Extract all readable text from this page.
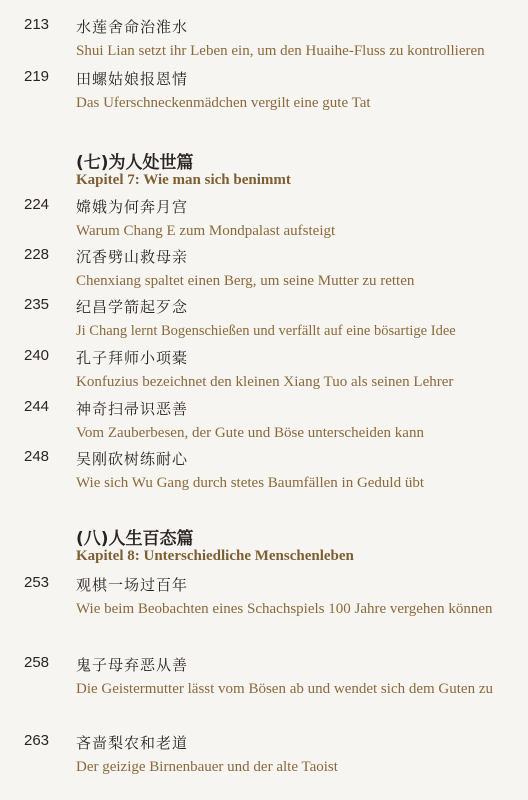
213	水莲舍命治淮水
Shui Lian setzt ihr Leben ein, um den Huaihe-Fluss zu kontrollieren
219	田螺姑娘报恩情
Das Uferschneckenmädchen vergilt eine gute Tat
(七)为人处世篇
Kapitel 7: Wie man sich benimmt
224	嫦娥为何奔月宫
Warum Chang E zum Mondpalast aufsteigt
228	沉香劈山救母亲
Chenxiang spaltet einen Berg, um seine Mutter zu retten
235	纪昌学箭起歹念
Ji Chang lernt Bogenschießen und verfällt auf eine bösartige Idee
240	孔子拜师小项橐
Konfuzius bezeichnet den kleinen Xiang Tuo als seinen Lehrer
244	神奇扫帚识恶善
Vom Zauberbesen, der Gute und Böse unterscheiden kann
248	吴刚砍树练耐心
Wie sich Wu Gang durch stetes Baumfällen in Geduld übt
(八)人生百态篇
Kapitel 8: Unterschiedliche Menschenleben
253	观棋一场过百年
Wie beim Beobachten eines Schachspiels 100 Jahre vergehen können
258	鬼子母弃恶从善
Die Geistermutter lässt vom Bösen ab und wendet sich dem Guten zu
263	吝啬梨农和老道
Der geizige Birnenbauer und der alte Taoist
